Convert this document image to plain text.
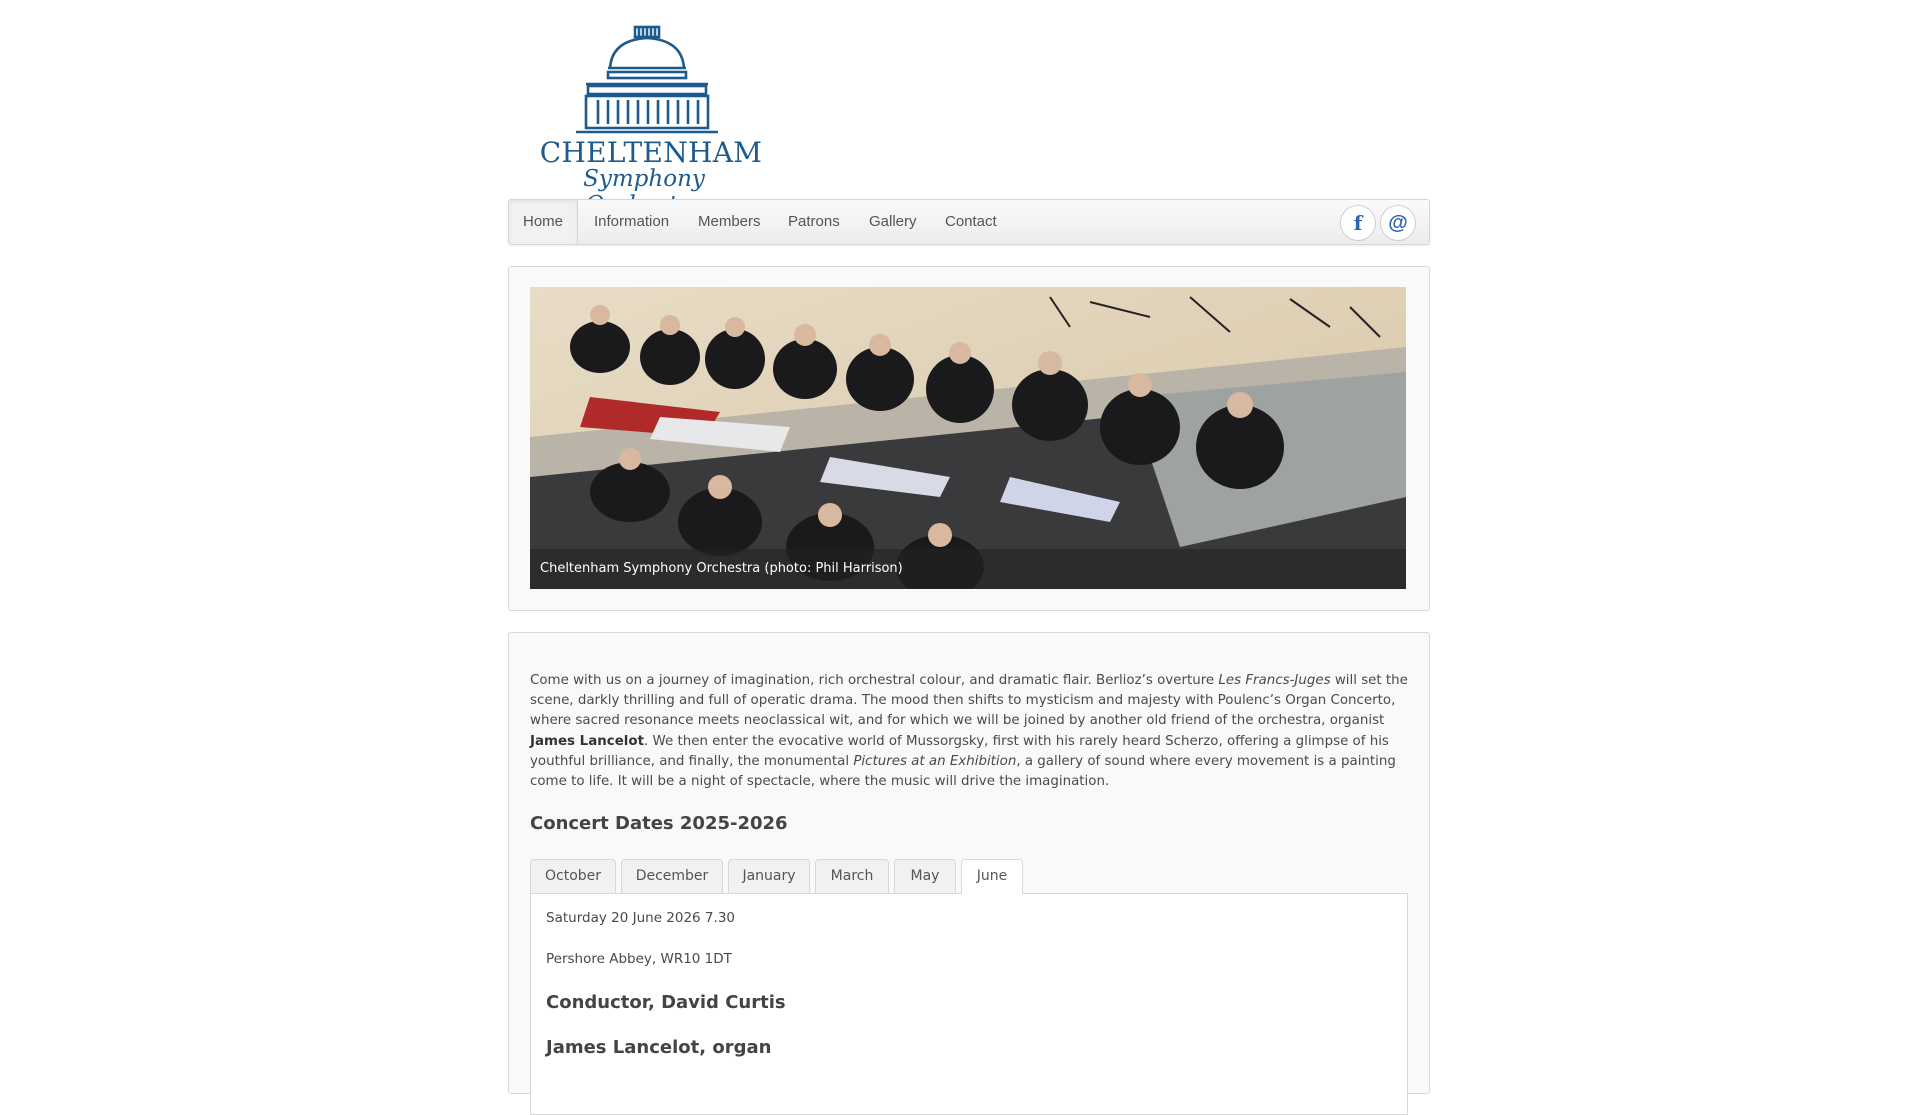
CHELTENHAM
Symphony
Home	Information Members Patrons Gallery Contact	f	@
Cheltenham Symphony Orchestra (photo: Phil Harrison)

Come with us on a journey of imagination, rich orchestral colour, and dramatic flair. Berlioz’s overture Les Francs-Juges will set the scene, darkly thrilling and full of operatic drama. The mood then shifts to mysticism and majesty with Poulenc’s Organ Concerto, where sacred resonance meets neoclassical wit, and for which we will be joined by another old friend of the orchestra, organist James Lancelot. We then enter the evocative world of Mussorgsky, first with his rarely heard Scherzo, offering a glimpse of his youthful brilliance, and finally, the monumental Pictures at an Exhibition, a gallery of sound where every movement is a painting come to life. It will be a night of spectacle, where the music will drive the imagination.

Concert Dates 2025-2026
October	December	January	March	May	June

Saturday 20 June 2026 7.30

Pershore Abbey, WR10 1DT

Conductor, David Curtis
James Lancelot, organ
